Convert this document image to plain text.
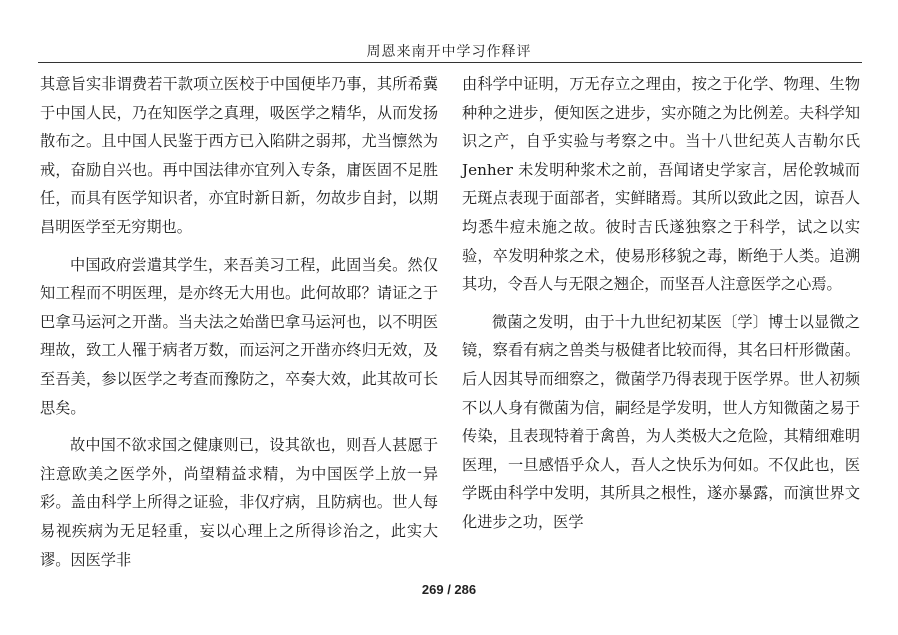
周恩来南开中学习作释评

其意旨实非谓费若干款项立医校于中国便毕乃事，其所希冀于中国人民，乃在知医学之真理，吸医学之精华，从而发扬散布之。且中国人民鉴于西方已入陷阱之弱邦，尤当懔然为戒，奋励自兴也。再中国法律亦宜列入专条，庸医固不足胜任，而具有医学知识者，亦宜时新日新，勿故步自封，以期昌明医学至无穷期也。

中国政府尝遣其学生，来吾美习工程，此固当矣。然仅知工程而不明医理，是亦终无大用也。此何故耶？请证之于巴拿马运河之开凿。当夫法之始凿巴拿马运河也，以不明医理故，致工人罹于病者万数，而运河之开凿亦终归无效，及至吾美，参以医学之考查而豫防之，卒奏大效，此其故可长思矣。

故中国不欲求国之健康则已，设其欲也，则吾人甚愿于注意欧美之医学外，尚望精益求精，为中国医学上放一异彩。盖由科学上所得之证验，非仅疗病，且防病也。世人每易视疾病为无足轻重，妄以心理上之所得诊治之，此实大谬。因医学非

由科学中证明，万无存立之理由，按之于化学、物理、生物种种之进步，便知医之进步，实亦随之为比例差。夫科学知识之产，自乎实验与考察之中。当十八世纪英人吉勒尔氏 Jenher 未发明种浆术之前，吾闻诸史学家言，居伦敦城而无斑点表现于面部者，实鲜睹焉。其所以致此之因，谅吾人均悉牛痘未施之故。彼时吉氏遂独察之于科学，试之以实验，卒发明种浆之术，使易形移貌之毒，断绝于人类。追溯其功，令吾人与无限之翘企，而坚吾人注意医学之心焉。

微菌之发明，由于十九世纪初某医〔学〕博士以显微之镜，察看有病之兽类与极健者比较而得，其名曰杆形微菌。后人因其导而细察之，微菌学乃得表现于医学界。世人初频不以人身有微菌为信，嗣经是学发明，世人方知微菌之易于传染，且表现特着于禽兽，为人类极大之危险，其精细难明医理，一旦感悟乎众人，吾人之快乐为何如。不仅此也，医学既由科学中发明，其所具之根性，遂亦暴露，而演世界文化进步之功，医学

269 / 286
